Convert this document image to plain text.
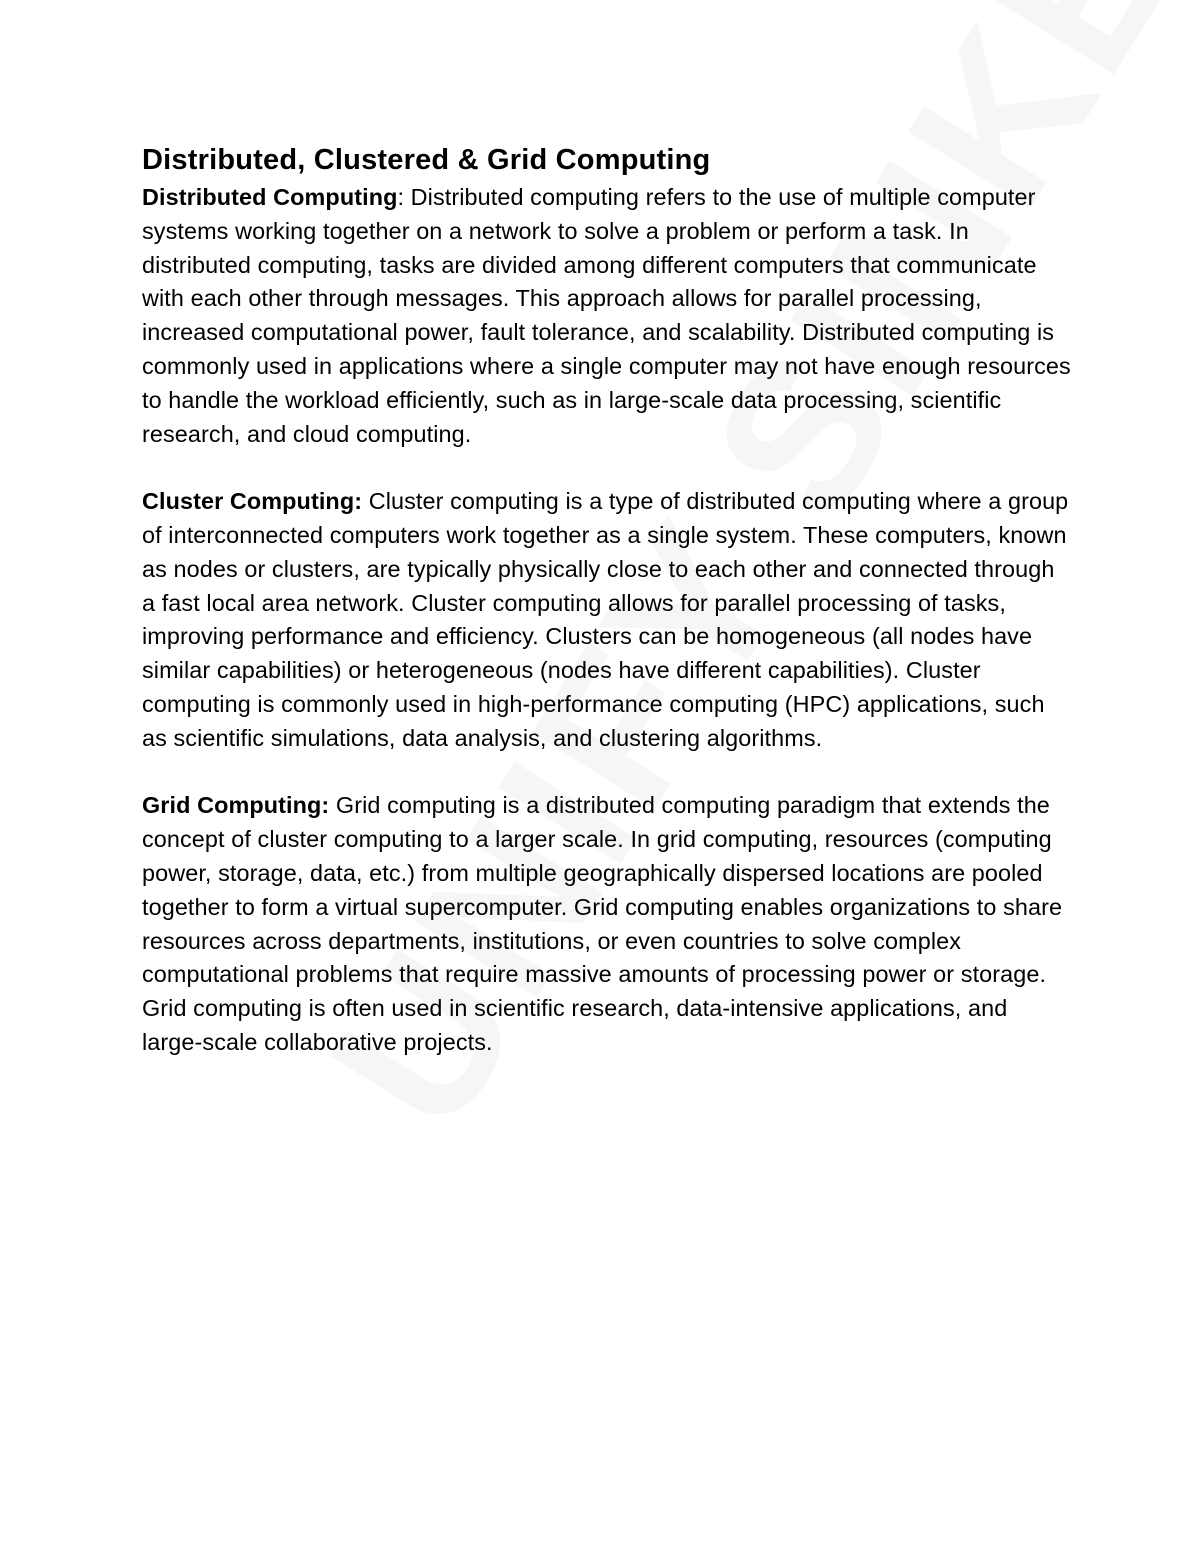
Distributed, Clustered & Grid Computing

Distributed Computing: Distributed computing refers to the use of multiple computer systems working together on a network to solve a problem or perform a task. In distributed computing, tasks are divided among different computers that communicate with each other through messages. This approach allows for parallel processing, increased computational power, fault tolerance, and scalability. Distributed computing is commonly used in applications where a single computer may not have enough resources to handle the workload efficiently, such as in large-scale data processing, scientific research, and cloud computing.

Cluster Computing: Cluster computing is a type of distributed computing where a group of interconnected computers work together as a single system. These computers, known as nodes or clusters, are typically physically close to each other and connected through a fast local area network. Cluster computing allows for parallel processing of tasks, improving performance and efficiency. Clusters can be homogeneous (all nodes have similar capabilities) or heterogeneous (nodes have different capabilities). Cluster computing is commonly used in high-performance computing (HPC) applications, such as scientific simulations, data analysis, and clustering algorithms.

Grid Computing: Grid computing is a distributed computing paradigm that extends the concept of cluster computing to a larger scale. In grid computing, resources (computing power, storage, data, etc.) from multiple geographically dispersed locations are pooled together to form a virtual supercomputer. Grid computing enables organizations to share resources across departments, institutions, or even countries to solve complex computational problems that require massive amounts of processing power or storage. Grid computing is often used in scientific research, data-intensive applications, and large-scale collaborative projects.
